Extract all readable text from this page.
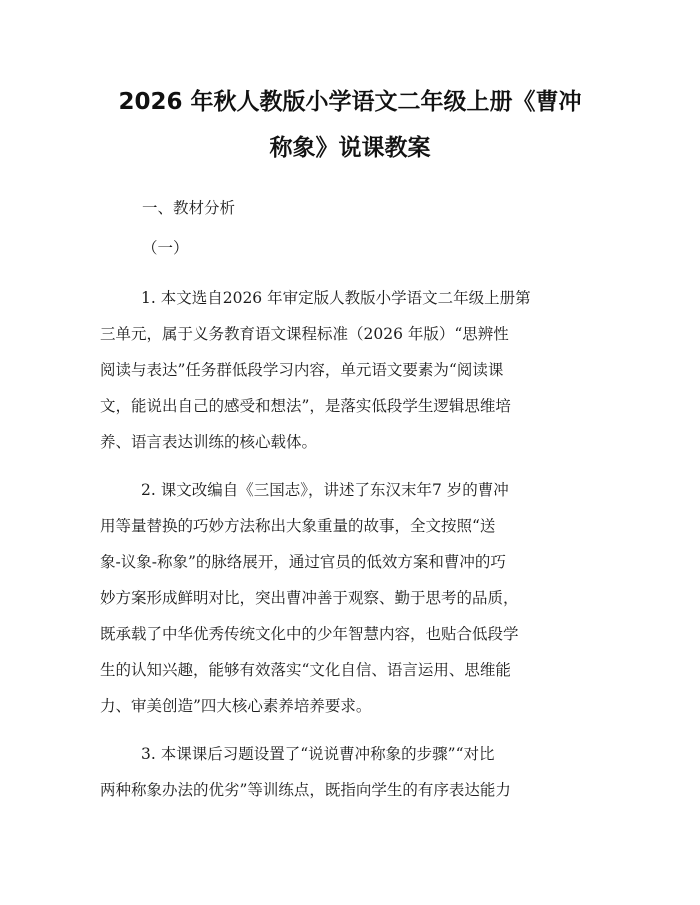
2026 年秋人教版小学语文二年级上册《曹冲
称象》说课教案
一、教材分析
（一）
1. 本文选自2026 年审定版人教版小学语文二年级上册第
三单元，属于义务教育语文课程标准（2026 年版）“思辨性
阅读与表达”任务群低段学习内容，单元语文要素为“阅读课
文，能说出自己的感受和想法”，是落实低段学生逻辑思维培
养、语言表达训练的核心载体。
2. 课文改编自《三国志》，讲述了东汉末年7 岁的曹冲
用等量替换的巧妙方法称出大象重量的故事，全文按照“送
象-议象-称象”的脉络展开，通过官员的低效方案和曹冲的巧
妙方案形成鲜明对比，突出曹冲善于观察、勤于思考的品质，
既承载了中华优秀传统文化中的少年智慧内容，也贴合低段学
生的认知兴趣，能够有效落实“文化自信、语言运用、思维能
力、审美创造”四大核心素养培养要求。
3. 本课课后习题设置了“说说曹冲称象的步骤”“对比
两种称象办法的优劣”等训练点，既指向学生的有序表达能力
